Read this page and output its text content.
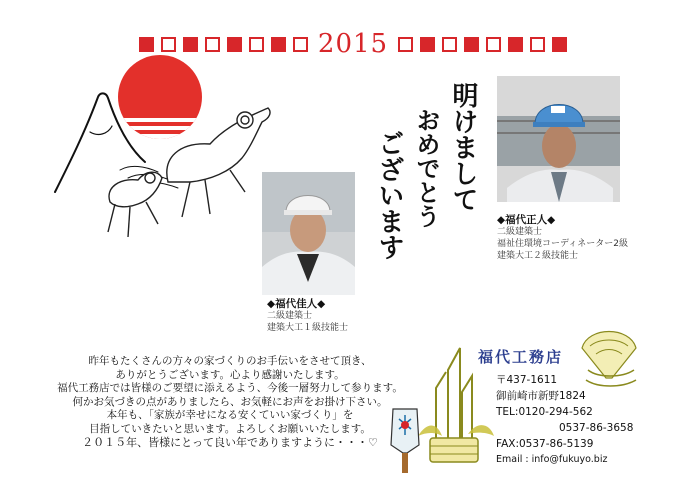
2015
◆福代佳人◆
二級建築士
建築大工１級技能士
◆福代正人◆
二級建築士
福祉住環境コーディネーター2級
建築大工２級技能士
明けまして
おめでとう
ございます
昨年もたくさんの方々の家づくりのお手伝いをさせて頂き、
ありがとうございます。心より感謝いたします。
福代工務店では皆様のご要望に添えるよう、今後一層努力して参ります。
何かお気づきの点がありましたら、お気軽にお声をお掛け下さい。
本年も、「家族が幸せになる安くていい家づくり」を
目指していきたいと思います。よろしくお願いいたします。
２０１５年、皆様にとって良い年でありますように・・・♡
福代工務店
〒437-1611
御前崎市新野1824
TEL:0120-294-562
0537-86-3658
FAX:0537-86-5139
Email : info@fukuyo.biz
